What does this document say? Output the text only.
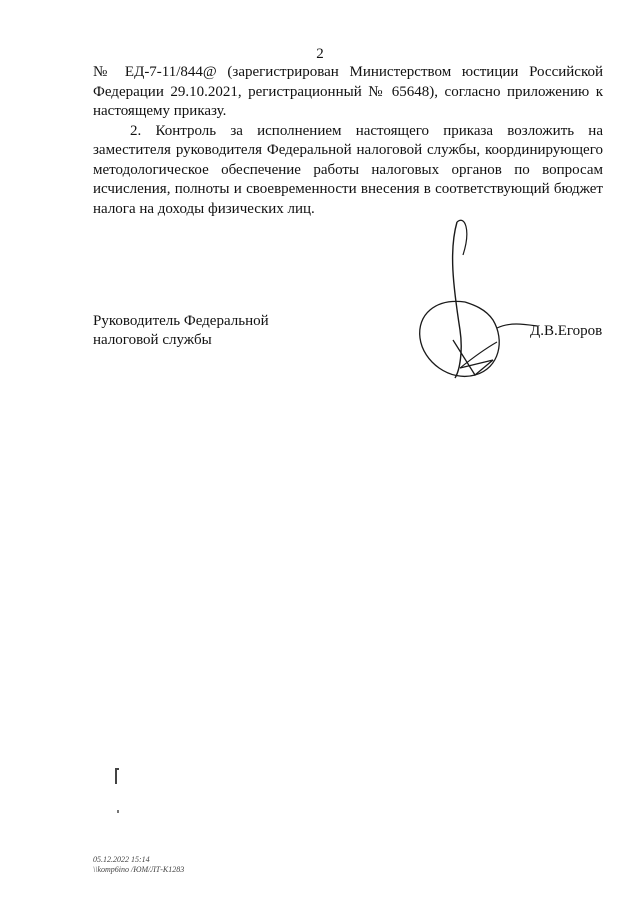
2

№ ЕД-7-11/844@ (зарегистрирован Министерством юстиции Российской Федерации 29.10.2021, регистрационный № 65648), согласно приложению к настоящему приказу.

2. Контроль за исполнением настоящего приказа возложить на заместителя руководителя Федеральной налоговой службы, координирующего методологическое обеспечение работы налоговых органов по вопросам исчисления, полноты и своевременности внесения в соответствующий бюджет налога на доходы физических лиц.

Руководитель Федеральной
налоговой службы
Д.В.Егоров
05.12.2022 15:14
\\komp6ino /ЮМ/ЛТ-К1283
